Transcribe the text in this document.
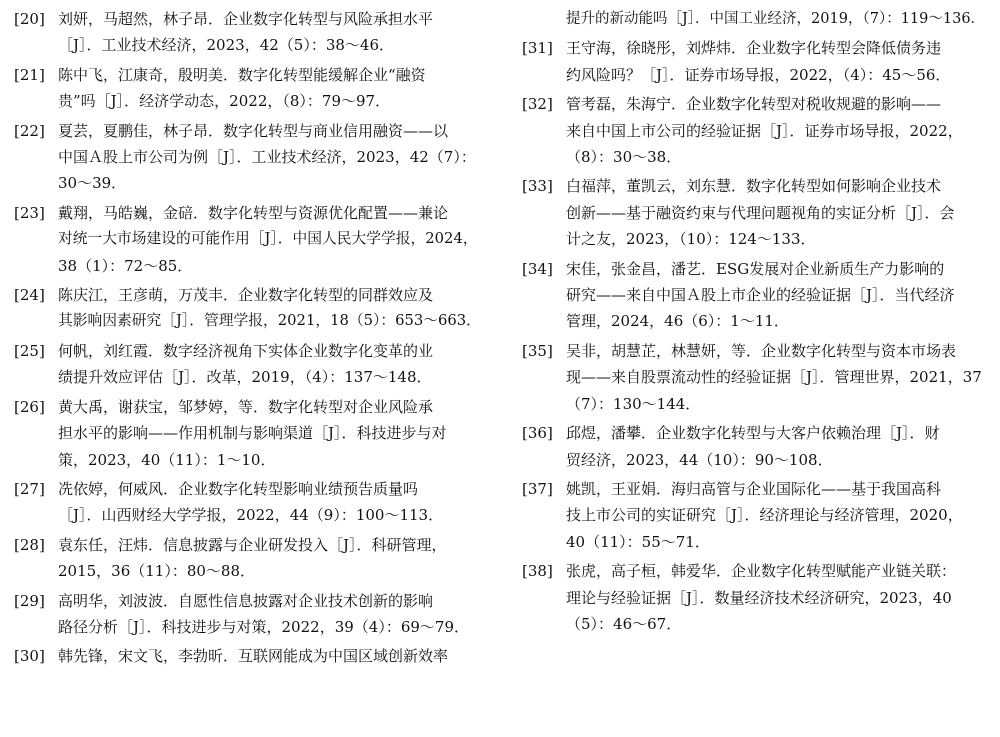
[20] 刘妍，马超然，林子昂．企业数字化转型与风险承担水平
［J］．工业技术经济，2023，42（5）：38～46．
[21] 陈中飞，江康奇，殷明美．数字化转型能缓解企业“融资
贵”吗［J］．经济学动态，2022，（8）：79～97．
[22] 夏芸，夏鹏佳，林子昂．数字化转型与商业信用融资——以
中国Ａ股上市公司为例［J］．工业技术经济，2023，42（7）：
30～39．
[23] 戴翔，马皓巍，金碚．数字化转型与资源优化配置——兼论
对统一大市场建设的可能作用［J］．中国人民大学学报，2024，
38（1）：72～85．
[24] 陈庆江，王彦萌，万茂丰．企业数字化转型的同群效应及
其影响因素研究［J］．管理学报，2021，18（5）：653～663．
[25] 何帆，刘红霞．数字经济视角下实体企业数字化变革的业
绩提升效应评估［J］．改革，2019，（4）：137～148．
[26] 黄大禹，谢获宝，邹梦婷，等．数字化转型对企业风险承
担水平的影响——作用机制与影响渠道［J］．科技进步与对
策，2023，40（11）：1～10．
[27] 冼依婷，何威风．企业数字化转型影响业绩预告质量吗
［J］．山西财经大学学报，2022，44（9）：100～113．
[28] 袁东任，汪炜．信息披露与企业研发投入［J］．科研管理，
2015，36（11）：80～88．
[29] 高明华，刘波波．自愿性信息披露对企业技术创新的影响
路径分析［J］．科技进步与对策，2022，39（4）：69～79．
[30] 韩先锋，宋文飞，李勃昕．互联网能成为中国区域创新效率
提升的新动能吗［J］．中国工业经济，2019，（7）：119～136．
[31] 王守海，徐晓彤，刘烨炜．企业数字化转型会降低债务违
约风险吗？［J］．证券市场导报，2022，（4）：45～56．
[32] 管考磊，朱海宁．企业数字化转型对税收规避的影响——
来自中国上市公司的经验证据［J］．证券市场导报，2022，
（8）：30～38．
[33] 白福萍，董凯云，刘东慧．数字化转型如何影响企业技术
创新——基于融资约束与代理问题视角的实证分析［J］．会
计之友，2023，（10）：124～133．
[34] 宋佳，张金昌，潘艺．ESG发展对企业新质生产力影响的
研究——来自中国Ａ股上市企业的经验证据［J］．当代经济
管理，2024，46（6）：1～11．
[35] 吴非，胡慧芷，林慧妍，等．企业数字化转型与资本市场表
现——来自股票流动性的经验证据［J］．管理世界，2021，37
（7）：130～144．
[36] 邱煜，潘攀．企业数字化转型与大客户依赖治理［J］．财
贸经济，2023，44（10）：90～108．
[37] 姚凯，王亚娟．海归高管与企业国际化——基于我国高科
技上市公司的实证研究［J］．经济理论与经济管理，2020，
40（11）：55～71．
[38] 张虎，高子桓，韩爱华．企业数字化转型赋能产业链关联：
理论与经验证据［J］．数量经济技术经济研究，2023，40
（5）：46～67．
